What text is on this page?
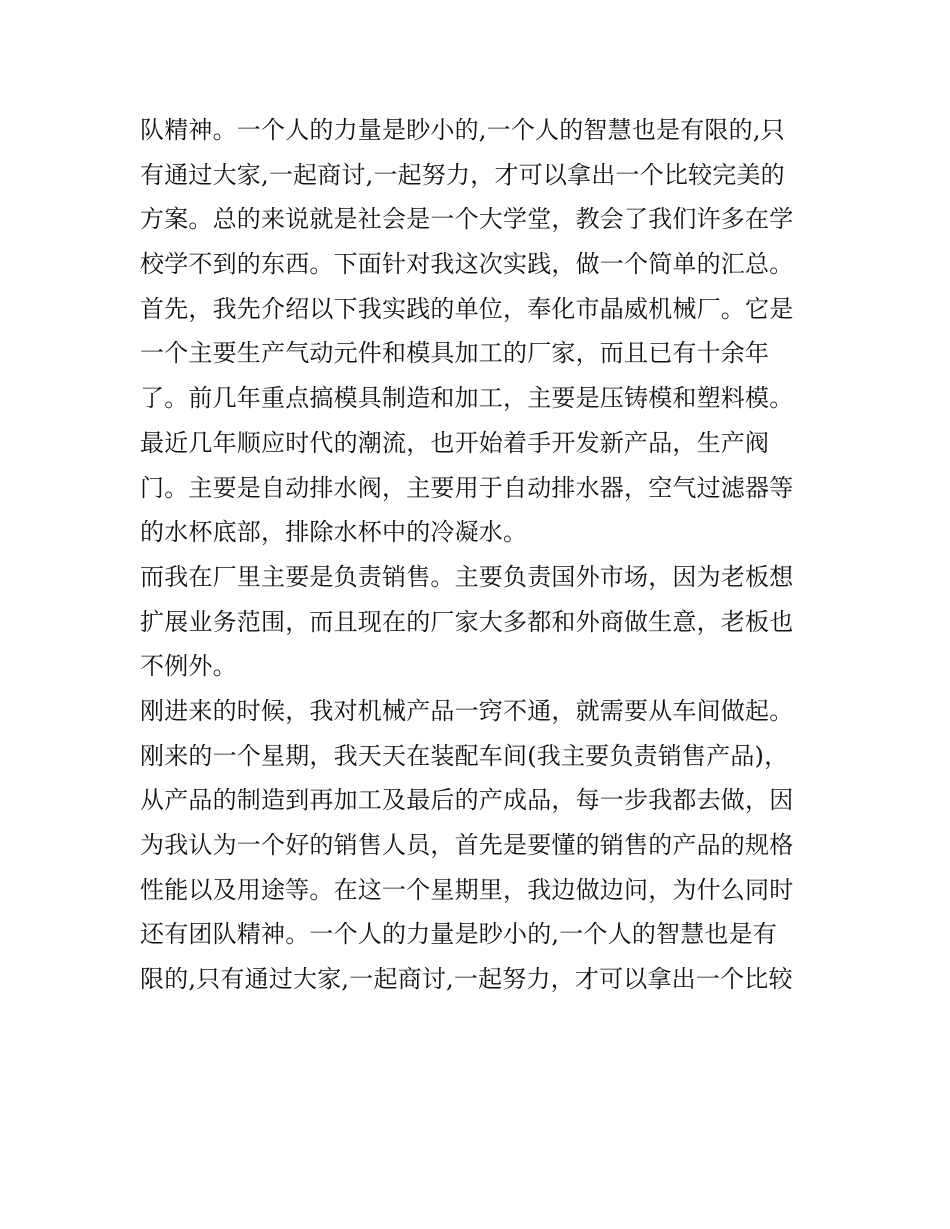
队精神。一个人的力量是眇小的,一个人的智慧也是有限的,只
有通过大家,一起商讨,一起努力，才可以拿出一个比较完美的
方案。总的来说就是社会是一个大学堂，教会了我们许多在学
校学不到的东西。下面针对我这次实践，做一个简单的汇总。
首先，我先介绍以下我实践的单位，奉化市晶威机械厂。它是
一个主要生产气动元件和模具加工的厂家，而且已有十余年
了。前几年重点搞模具制造和加工，主要是压铸模和塑料模。
最近几年顺应时代的潮流，也开始着手开发新产品，生产阀
门。主要是自动排水阀，主要用于自动排水器，空气过滤器等
的水杯底部，排除水杯中的冷凝水。
而我在厂里主要是负责销售。主要负责国外市场，因为老板想
扩展业务范围，而且现在的厂家大多都和外商做生意，老板也
不例外。
刚进来的时候，我对机械产品一窍不通，就需要从车间做起。
刚来的一个星期，我天天在装配车间(我主要负责销售产品)，
从产品的制造到再加工及最后的产成品，每一步我都去做，因
为我认为一个好的销售人员，首先是要懂的销售的产品的规格
性能以及用途等。在这一个星期里，我边做边问，为什么同时
还有团队精神。一个人的力量是眇小的,一个人的智慧也是有
限的,只有通过大家,一起商讨,一起努力，才可以拿出一个比较
